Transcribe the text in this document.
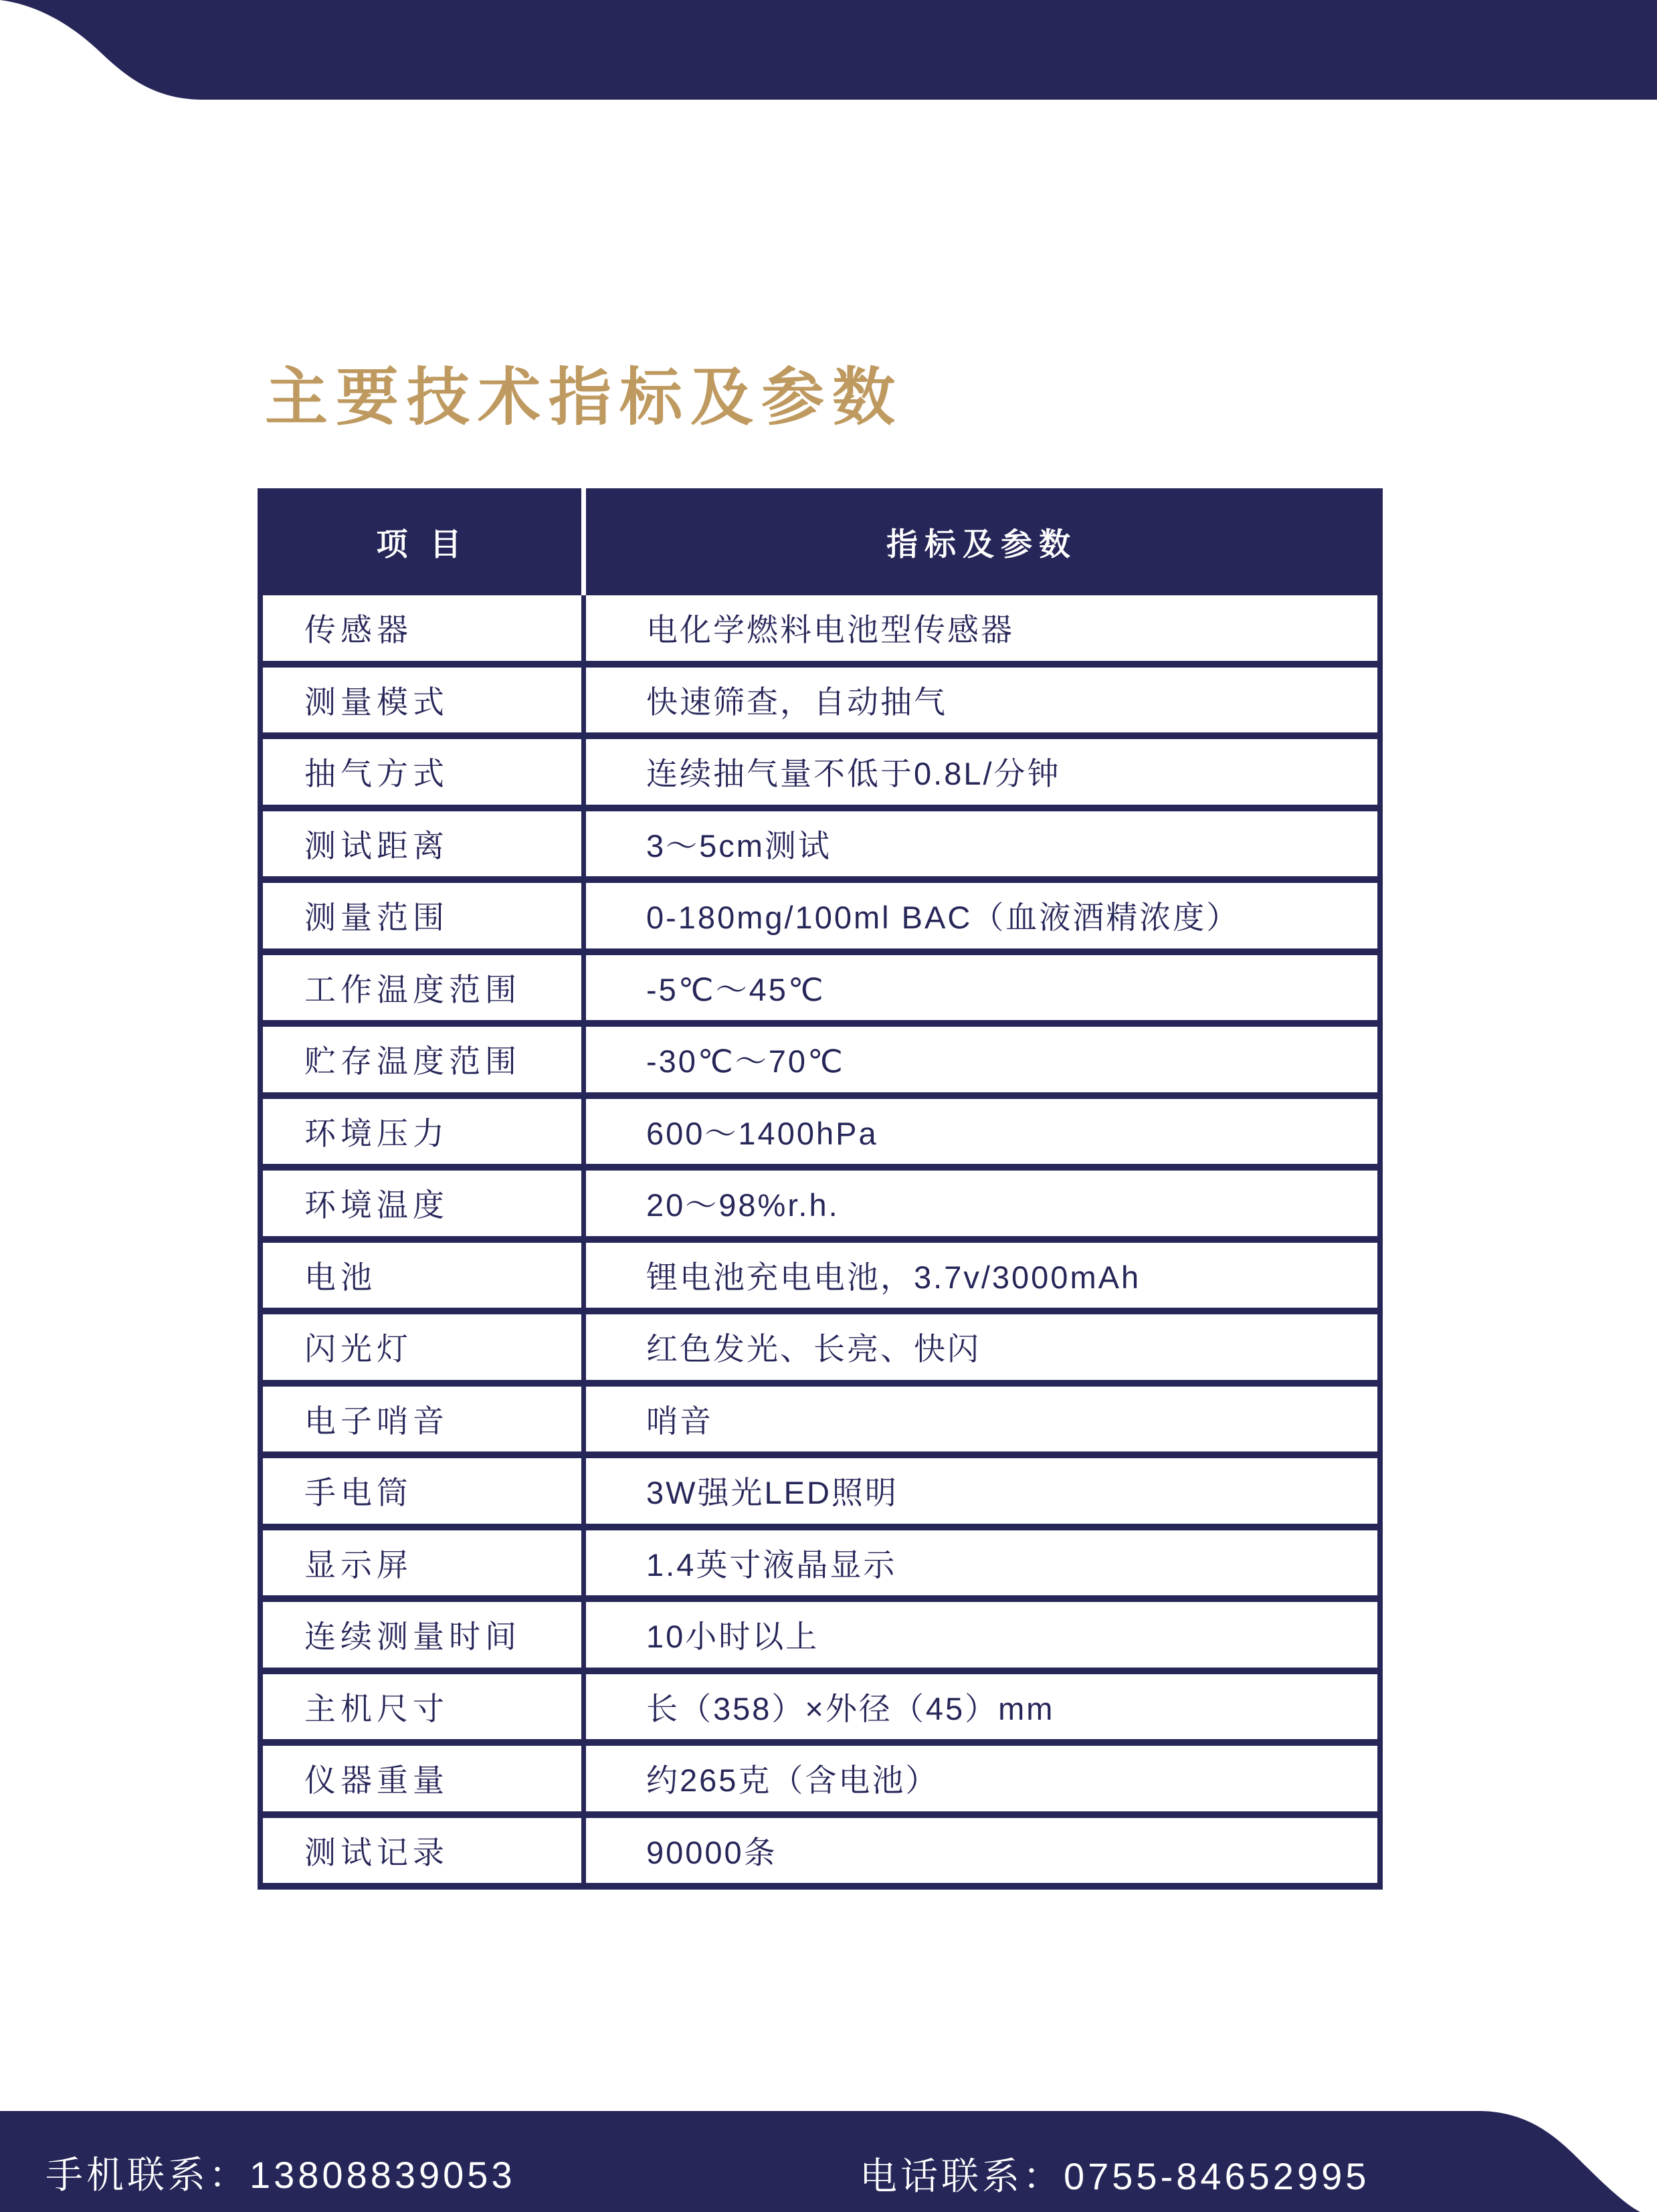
主要技术指标及参数
项 目	指标及参数
传感器	电化学燃料电池型传感器
测量模式	快速筛查，自动抽气
抽气方式	连续抽气量不低于0.8L/分钟
测试距离	3～5cm测试
测量范围	0-180mg/100ml BAC（血液酒精浓度）
工作温度范围	-5℃～45℃
贮存温度范围	-30℃～70℃
环境压力	600～1400hPa
环境温度	20～98%r.h.
电池	锂电池充电电池，3.7v/3000mAh
闪光灯	红色发光、长亮、快闪
电子哨音	哨音
手电筒	3W强光LED照明
显示屏	1.4英寸液晶显示
连续测量时间	10小时以上
主机尺寸	长（358）×外径（45）mm
仪器重量	约265克（含电池）
测试记录	90000条
手机联系：13808839053	电话联系：0755-84652995
